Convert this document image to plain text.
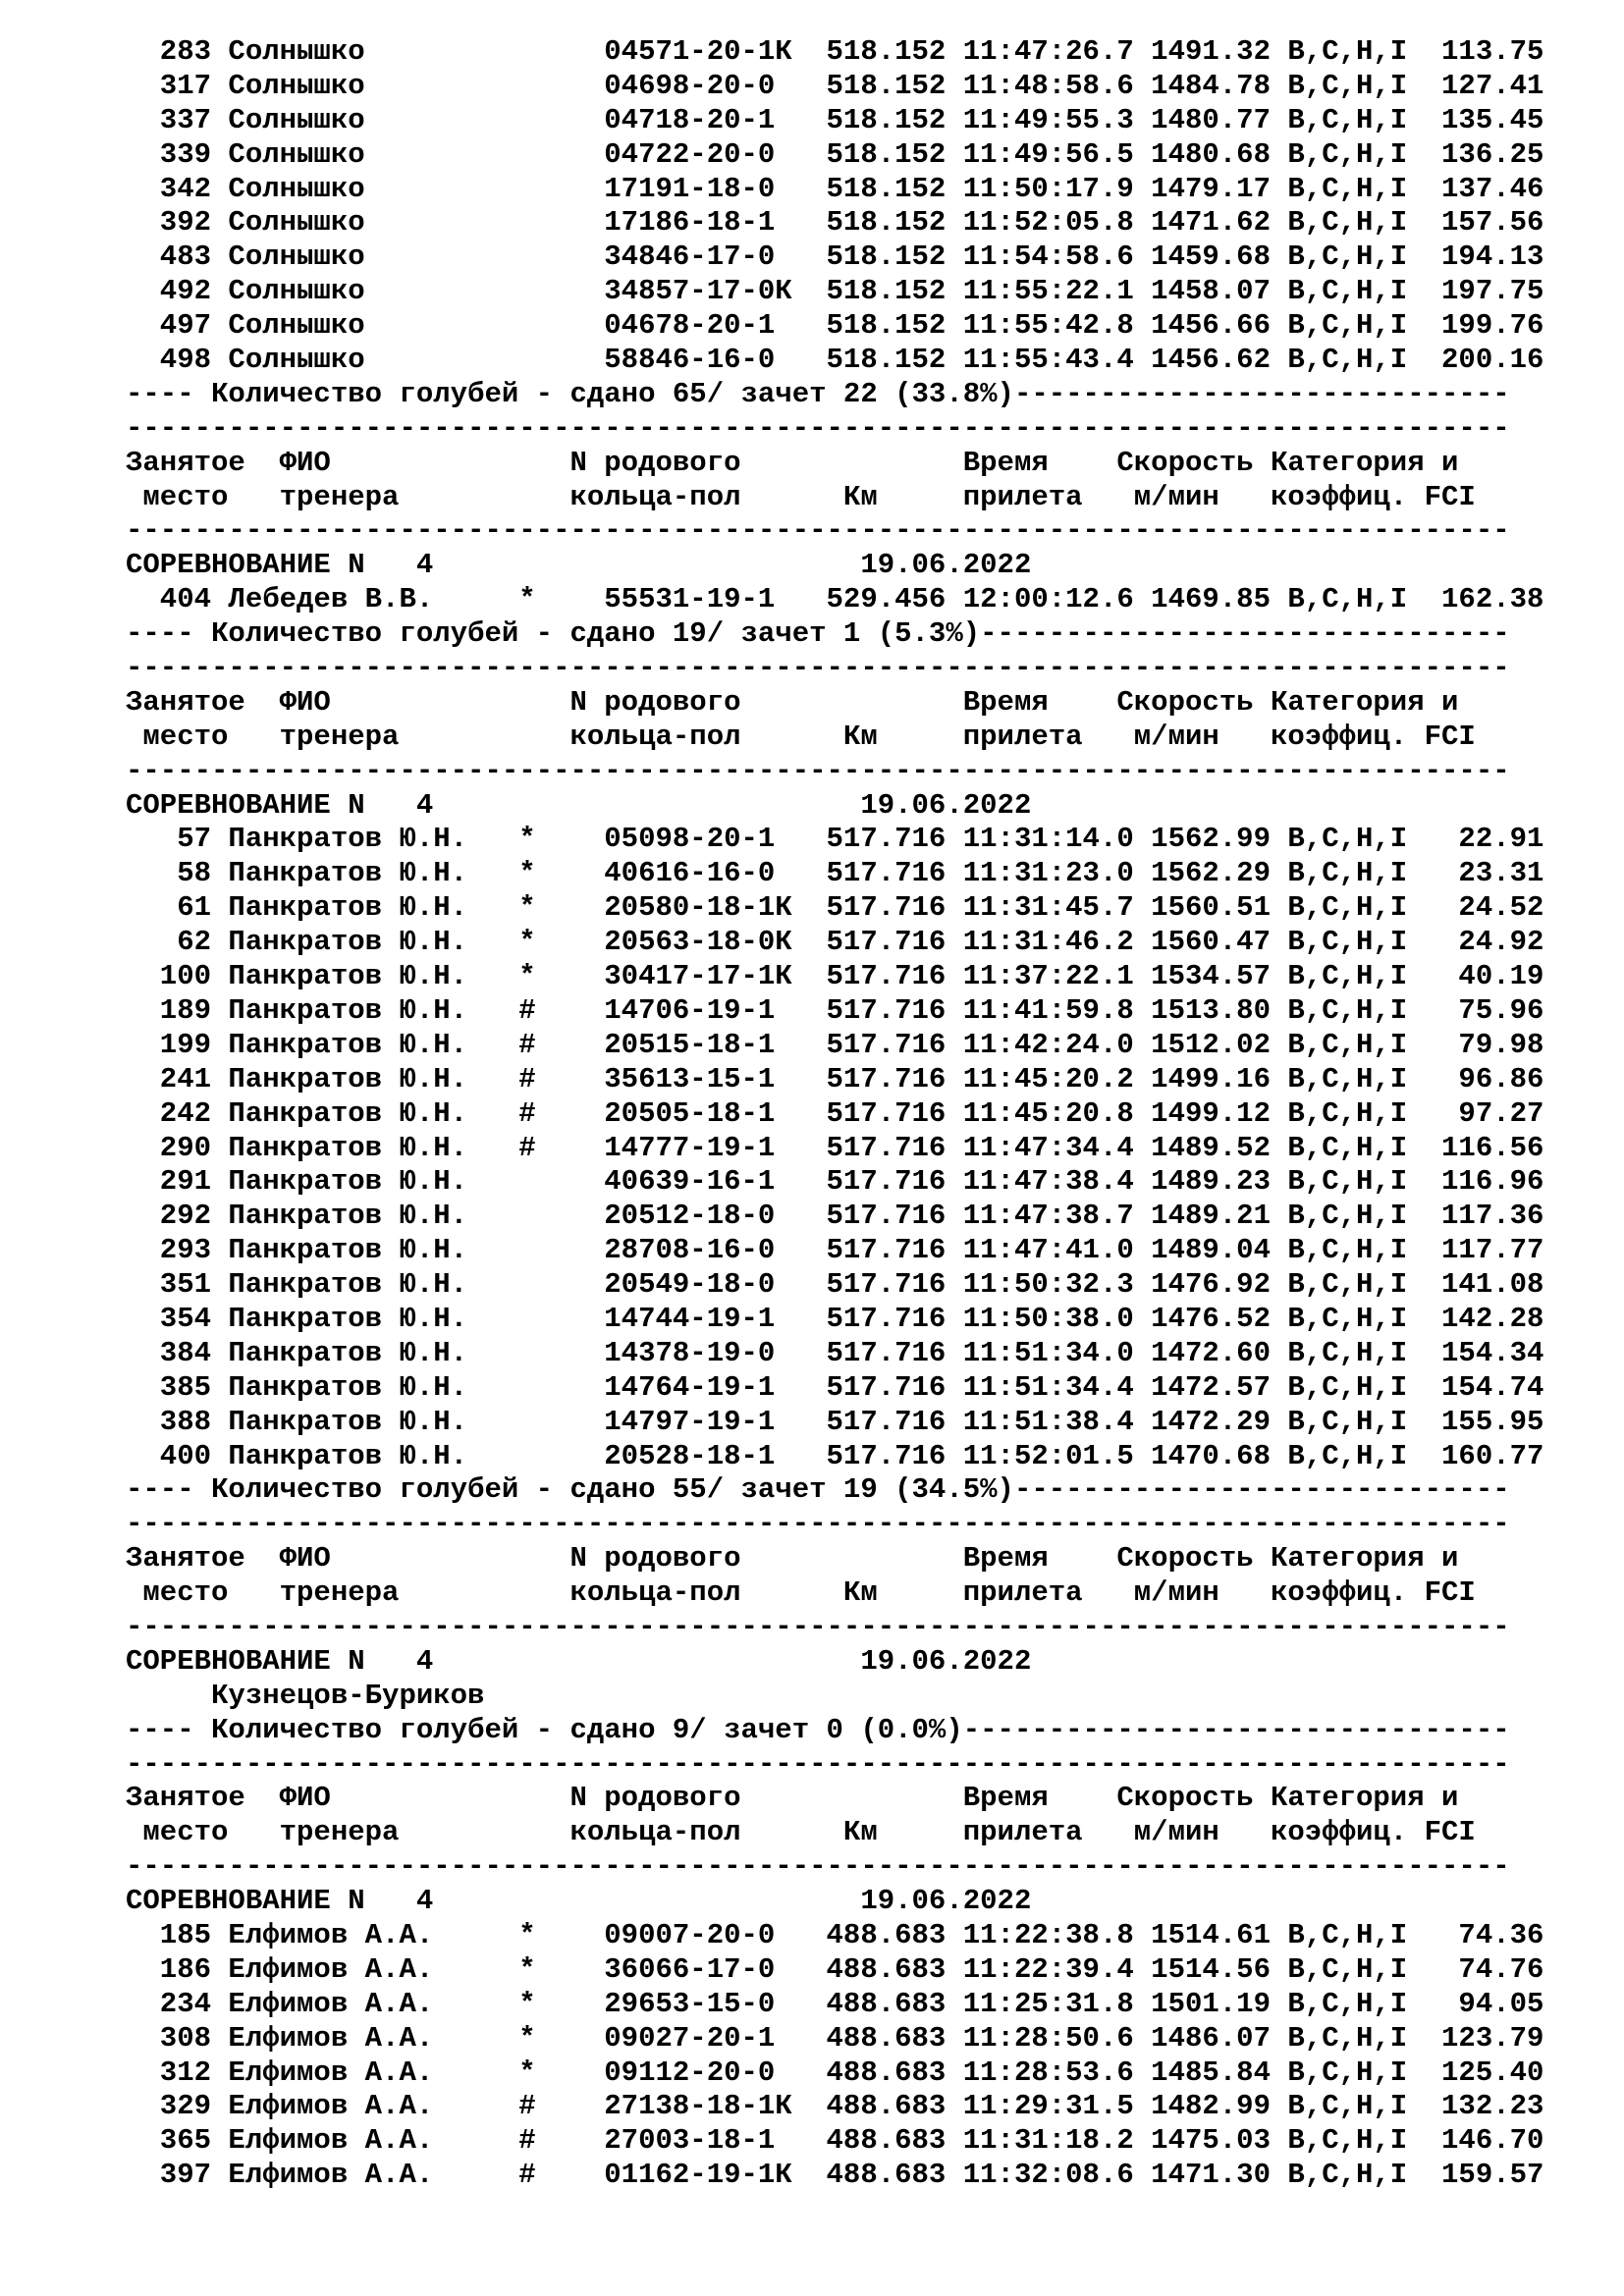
283 Солнышко              04571-20-1К  518.152 11:47:26.7 1491.32 B,C,H,I  113.75
317 Солнышко              04698-20-0   518.152 11:48:58.6 1484.78 B,C,H,I  127.41
337 Солнышко              04718-20-1   518.152 11:49:55.3 1480.77 B,C,H,I  135.45
339 Солнышко              04722-20-0   518.152 11:49:56.5 1480.68 B,C,H,I  136.25
342 Солнышко              17191-18-0   518.152 11:50:17.9 1479.17 B,C,H,I  137.46
392 Солнышко              17186-18-1   518.152 11:52:05.8 1471.62 B,C,H,I  157.56
483 Солнышко              34846-17-0   518.152 11:54:58.6 1459.68 B,C,H,I  194.13
492 Солнышко              34857-17-0К  518.152 11:55:22.1 1458.07 B,C,H,I  197.75
497 Солнышко              04678-20-1   518.152 11:55:42.8 1456.66 B,C,H,I  199.76
498 Солнышко              58846-16-0   518.152 11:55:43.4 1456.62 B,C,H,I  200.16
---- Количество голубей - сдано 65/ зачет 22 (33.8%)-----------------------------
---------------------------------------------------------------------------------
Занятое  ФИО              N родового             Время    Скорость Категория и
место   тренера          кольца-пол      Км     прилета   м/мин   коэффиц. FCI
---------------------------------------------------------------------------------
СОРЕВНОВАНИЕ N   4                         19.06.2022
404 Лебедев В.В.     *    55531-19-1   529.456 12:00:12.6 1469.85 B,C,H,I  162.38
---- Количество голубей - сдано 19/ зачет 1 (5.3%)-------------------------------
---------------------------------------------------------------------------------
Занятое  ФИО              N родового             Время    Скорость Категория и
место   тренера          кольца-пол      Км     прилета   м/мин   коэффиц. FCI
---------------------------------------------------------------------------------
СОРЕВНОВАНИЕ N   4                         19.06.2022
57 Панкратов Ю.Н.   *    05098-20-1   517.716 11:31:14.0 1562.99 B,C,H,I   22.91
58 Панкратов Ю.Н.   *    40616-16-0   517.716 11:31:23.0 1562.29 B,C,H,I   23.31
61 Панкратов Ю.Н.   *    20580-18-1К  517.716 11:31:45.7 1560.51 B,C,H,I   24.52
62 Панкратов Ю.Н.   *    20563-18-0К  517.716 11:31:46.2 1560.47 B,C,H,I   24.92
100 Панкратов Ю.Н.   *    30417-17-1К  517.716 11:37:22.1 1534.57 B,C,H,I   40.19
189 Панкратов Ю.Н.   #    14706-19-1   517.716 11:41:59.8 1513.80 B,C,H,I   75.96
199 Панкратов Ю.Н.   #    20515-18-1   517.716 11:42:24.0 1512.02 B,C,H,I   79.98
241 Панкратов Ю.Н.   #    35613-15-1   517.716 11:45:20.2 1499.16 B,C,H,I   96.86
242 Панкратов Ю.Н.   #    20505-18-1   517.716 11:45:20.8 1499.12 B,C,H,I   97.27
290 Панкратов Ю.Н.   #    14777-19-1   517.716 11:47:34.4 1489.52 B,C,H,I  116.56
291 Панкратов Ю.Н.        40639-16-1   517.716 11:47:38.4 1489.23 B,C,H,I  116.96
292 Панкратов Ю.Н.        20512-18-0   517.716 11:47:38.7 1489.21 B,C,H,I  117.36
293 Панкратов Ю.Н.        28708-16-0   517.716 11:47:41.0 1489.04 B,C,H,I  117.77
351 Панкратов Ю.Н.        20549-18-0   517.716 11:50:32.3 1476.92 B,C,H,I  141.08
354 Панкратов Ю.Н.        14744-19-1   517.716 11:50:38.0 1476.52 B,C,H,I  142.28
384 Панкратов Ю.Н.        14378-19-0   517.716 11:51:34.0 1472.60 B,C,H,I  154.34
385 Панкратов Ю.Н.        14764-19-1   517.716 11:51:34.4 1472.57 B,C,H,I  154.74
388 Панкратов Ю.Н.        14797-19-1   517.716 11:51:38.4 1472.29 B,C,H,I  155.95
400 Панкратов Ю.Н.        20528-18-1   517.716 11:52:01.5 1470.68 B,C,H,I  160.77
---- Количество голубей - сдано 55/ зачет 19 (34.5%)-----------------------------
---------------------------------------------------------------------------------
Занятое  ФИО              N родового             Время    Скорость Категория и
место   тренера          кольца-пол      Км     прилета   м/мин   коэффиц. FCI
---------------------------------------------------------------------------------
СОРЕВНОВАНИЕ N   4                         19.06.2022
Кузнецов-Буриков
---- Количество голубей - сдано 9/ зачет 0 (0.0%)--------------------------------
---------------------------------------------------------------------------------
Занятое  ФИО              N родового             Время    Скорость Категория и
место   тренера          кольца-пол      Км     прилета   м/мин   коэффиц. FCI
---------------------------------------------------------------------------------
СОРЕВНОВАНИЕ N   4                         19.06.2022
185 Елфимов А.А.     *    09007-20-0   488.683 11:22:38.8 1514.61 B,C,H,I   74.36
186 Елфимов А.А.     *    36066-17-0   488.683 11:22:39.4 1514.56 B,C,H,I   74.76
234 Елфимов А.А.     *    29653-15-0   488.683 11:25:31.8 1501.19 B,C,H,I   94.05
308 Елфимов А.А.     *    09027-20-1   488.683 11:28:50.6 1486.07 B,C,H,I  123.79
312 Елфимов А.А.     *    09112-20-0   488.683 11:28:53.6 1485.84 B,C,H,I  125.40
329 Елфимов А.А.     #    27138-18-1К  488.683 11:29:31.5 1482.99 B,C,H,I  132.23
365 Елфимов А.А.     #    27003-18-1   488.683 11:31:18.2 1475.03 B,C,H,I  146.70
397 Елфимов А.А.     #    01162-19-1К  488.683 11:32:08.6 1471.30 B,C,H,I  159.57
